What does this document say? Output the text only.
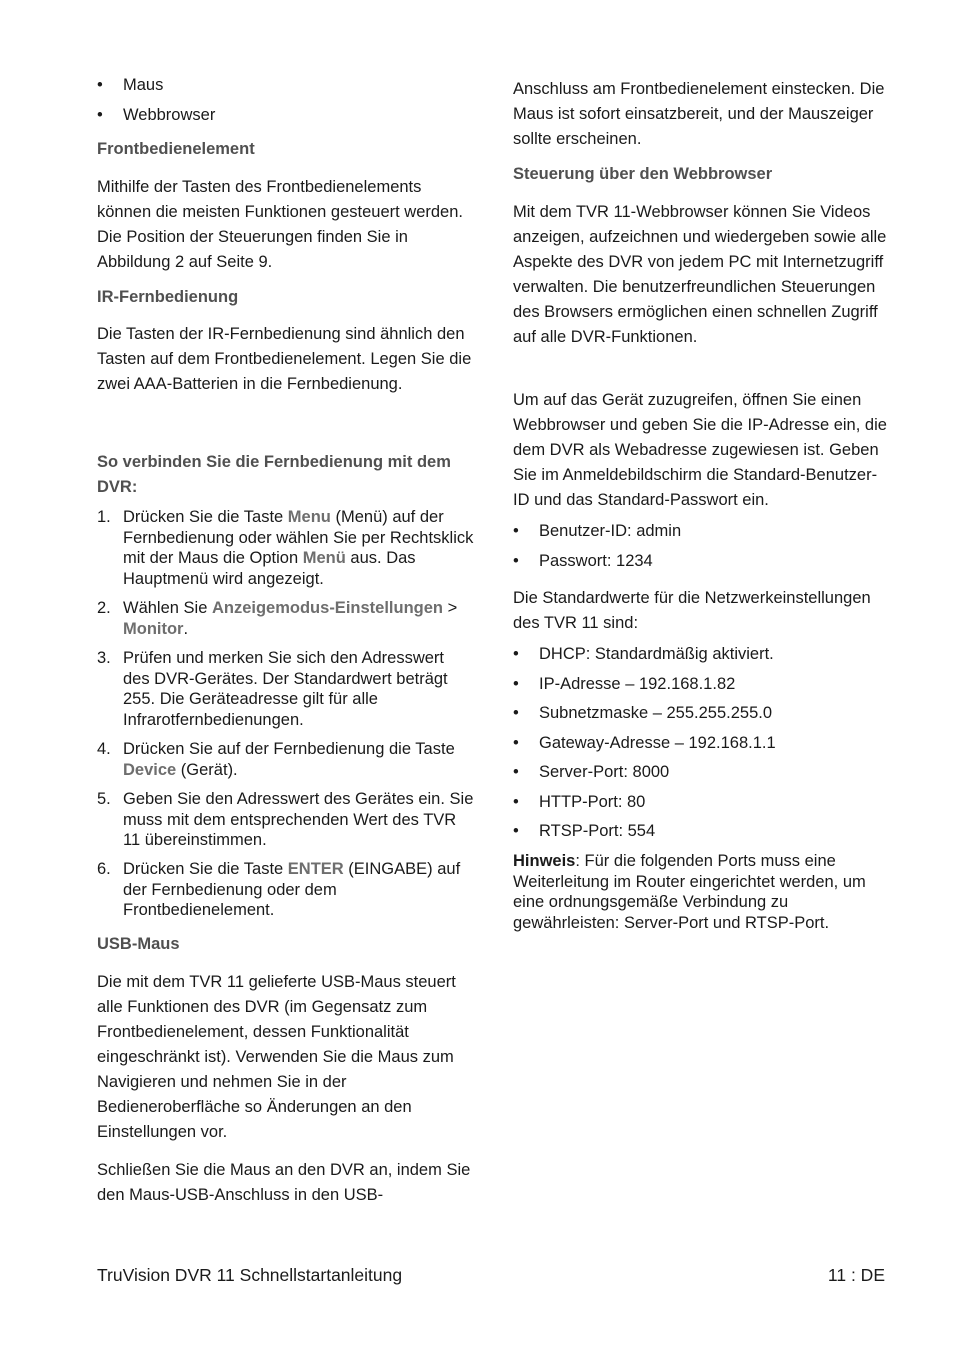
• Maus
• Webbrowser

Frontbedienelement

Mithilfe der Tasten des Frontbedienelements können die meisten Funktionen gesteuert werden. Die Position der Steuerungen finden Sie in Abbildung 2 auf Seite 9.

IR-Fernbedienung

Die Tasten der IR-Fernbedienung sind ähnlich den Tasten auf dem Frontbedienelement. Legen Sie die zwei AAA-Batterien in die Fernbedienung.

So verbinden Sie die Fernbedienung mit dem DVR:

1. Drücken Sie die Taste Menu (Menü) auf der Fernbedienung oder wählen Sie per Rechtsklick mit der Maus die Option Menü aus. Das Hauptmenü wird angezeigt.
2. Wählen Sie Anzeigemodus-Einstellungen > Monitor.
3. Prüfen und merken Sie sich den Adresswert des DVR-Gerätes. Der Standardwert beträgt 255. Die Geräteadresse gilt für alle Infrarotfernbedienungen.
4. Drücken Sie auf der Fernbedienung die Taste Device (Gerät).
5. Geben Sie den Adresswert des Gerätes ein. Sie muss mit dem entsprechenden Wert des TVR 11 übereinstimmen.
6. Drücken Sie die Taste ENTER (EINGABE) auf der Fernbedienung oder dem Frontbedienelement.

USB-Maus

Die mit dem TVR 11 gelieferte USB-Maus steuert alle Funktionen des DVR (im Gegensatz zum Frontbedienelement, dessen Funktionalität eingeschränkt ist). Verwenden Sie die Maus zum Navigieren und nehmen Sie in der Bedieneroberfläche so Änderungen an den Einstellungen vor.

Schließen Sie die Maus an den DVR an, indem Sie den Maus-USB-Anschluss in den USB-

Anschluss am Frontbedienelement einstecken. Die Maus ist sofort einsatzbereit, und der Mauszeiger sollte erscheinen.

Steuerung über den Webbrowser

Mit dem TVR 11-Webbrowser können Sie Videos anzeigen, aufzeichnen und wiedergeben sowie alle Aspekte des DVR von jedem PC mit Internetzugriff verwalten. Die benutzerfreundlichen Steuerungen des Browsers ermöglichen einen schnellen Zugriff auf alle DVR-Funktionen.

Um auf das Gerät zuzugreifen, öffnen Sie einen Webbrowser und geben Sie die IP-Adresse ein, die dem DVR als Webadresse zugewiesen ist. Geben Sie im Anmeldebildschirm die Standard-Benutzer-ID und das Standard-Passwort ein.

• Benutzer-ID: admin
• Passwort: 1234

Die Standardwerte für die Netzwerkeinstellungen des TVR 11 sind:

• DHCP: Standardmäßig aktiviert.
• IP-Adresse – 192.168.1.82
• Subnetzmaske – 255.255.255.0
• Gateway-Adresse – 192.168.1.1
• Server-Port: 8000
• HTTP-Port: 80
• RTSP-Port: 554

Hinweis: Für die folgenden Ports muss eine Weiterleitung im Router eingerichtet werden, um eine ordnungsgemäße Verbindung zu gewährleisten: Server-Port und RTSP-Port.

TruVision DVR 11 Schnellstartanleitung	11 : DE
